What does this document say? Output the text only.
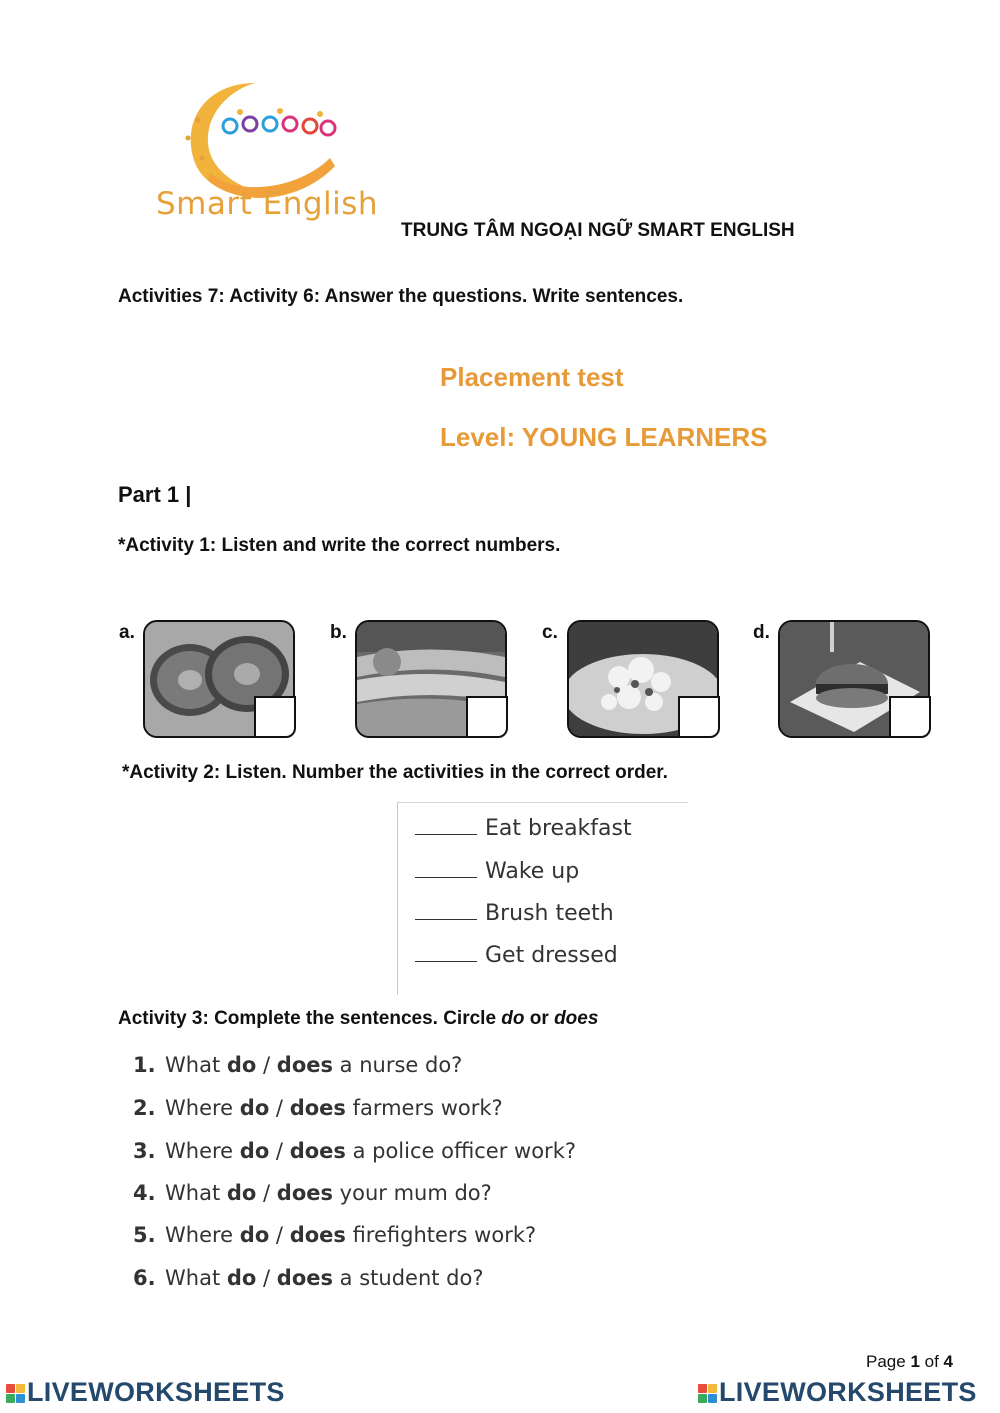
Smart English
TRUNG TÂM NGOẠI NGỮ SMART ENGLISH
Activities 7: Activity 6: Answer the questions. Write sentences.
Placement test
Level: YOUNG LEARNERS
Part 1 |
*Activity 1: Listen and write the correct numbers.
a.	b.	c.	d.
*Activity 2: Listen. Number the activities in the correct order.
Eat breakfast
Wake up
Brush teeth
Get dressed
Activity 3: Complete the sentences. Circle do or does
1. What do / does a nurse do?
2. Where do / does farmers work?
3. Where do / does a police officer work?
4. What do / does your mum do?
5. Where do / does firefighters work?
6. What do / does a student do?
Page 1 of 4
LIVEWORKSHEETS	LIVEWORKSHEETS
